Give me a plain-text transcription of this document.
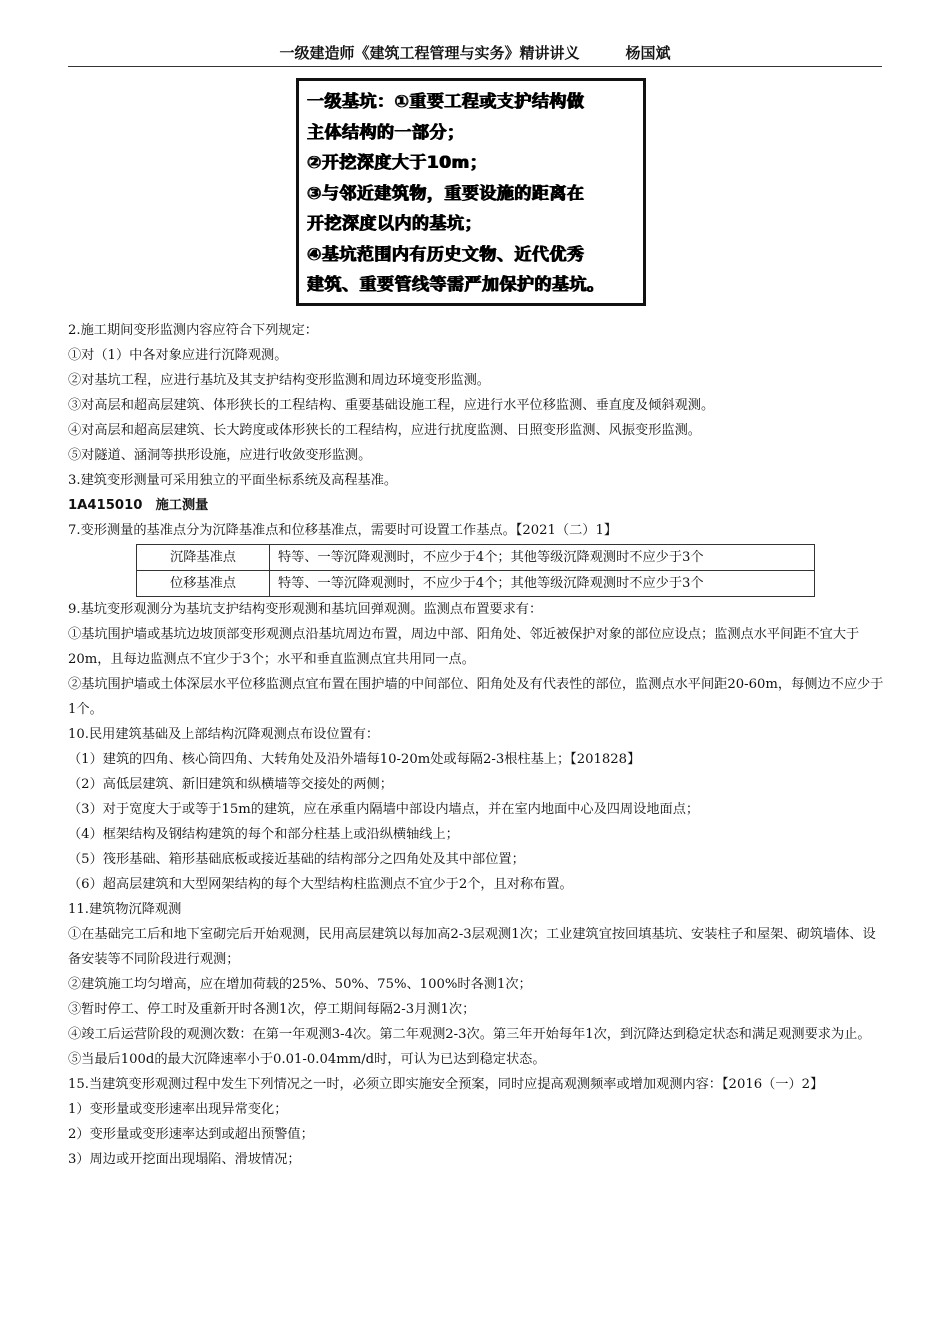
一级建造师《建筑工程管理与实务》精讲讲义	杨国斌
一级基坑：①重要工程或支护结构做
主体结构的一部分；
②开挖深度大于10m；
③与邻近建筑物，重要设施的距离在
开挖深度以内的基坑；
④基坑范围内有历史文物、近代优秀
建筑、重要管线等需严加保护的基坑。

2.施工期间变形监测内容应符合下列规定：

①对（1）中各对象应进行沉降观测。

②对基坑工程，应进行基坑及其支护结构变形监测和周边环境变形监测。

③对高层和超高层建筑、体形狭长的工程结构、重要基础设施工程，应进行水平位移监测、垂直度及倾斜观测。

④对高层和超高层建筑、长大跨度或体形狭长的工程结构，应进行扰度监测、日照变形监测、风振变形监测。

⑤对隧道、涵洞等拱形设施，应进行收敛变形监测。

3.建筑变形测量可采用独立的平面坐标系统及高程基准。

1A415010　施工测量

7.变形测量的基准点分为沉降基准点和位移基准点，需要时可设置工作基点。【2021（二）1】

沉降基准点	特等、一等沉降观测时，不应少于4个；其他等级沉降观测时不应少于3个
位移基准点	特等、一等沉降观测时，不应少于4个；其他等级沉降观测时不应少于3个

9.基坑变形观测分为基坑支护结构变形观测和基坑回弹观测。监测点布置要求有：

①基坑围护墙或基坑边坡顶部变形观测点沿基坑周边布置，周边中部、阳角处、邻近被保护对象的部位应设点；监测点水平间距不宜大于20m，且每边监测点不宜少于3个；水平和垂直监测点宜共用同一点。

②基坑围护墙或土体深层水平位移监测点宜布置在围护墙的中间部位、阳角处及有代表性的部位，监测点水平间距20-60m，每侧边不应少于1个。

10.民用建筑基础及上部结构沉降观测点布设位置有：

（1）建筑的四角、核心筒四角、大转角处及沿外墙每10-20m处或每隔2-3根柱基上；【201828】

（2）高低层建筑、新旧建筑和纵横墙等交接处的两侧；

（3）对于宽度大于或等于15m的建筑，应在承重内隔墙中部设内墙点，并在室内地面中心及四周设地面点；

（4）框架结构及钢结构建筑的每个和部分柱基上或沿纵横轴线上；

（5）筏形基础、箱形基础底板或接近基础的结构部分之四角处及其中部位置；

（6）超高层建筑和大型网架结构的每个大型结构柱监测点不宜少于2个，且对称布置。

11.建筑物沉降观测

①在基础完工后和地下室砌完后开始观测，民用高层建筑以每加高2-3层观测1次；工业建筑宜按回填基坑、安装柱子和屋架、砌筑墙体、设备安装等不同阶段进行观测；

②建筑施工均匀增高，应在增加荷载的25%、50%、75%、100%时各测1次；

③暂时停工、停工时及重新开时各测1次，停工期间每隔2-3月测1次；

④竣工后运营阶段的观测次数：在第一年观测3-4次。第二年观测2-3次。第三年开始每年1次，到沉降达到稳定状态和满足观测要求为止。

⑤当最后100d的最大沉降速率小于0.01-0.04mm/d时，可认为已达到稳定状态。

15.当建筑变形观测过程中发生下列情况之一时，必须立即实施安全预案，同时应提高观测频率或增加观测内容：【2016（一）2】

1）变形量或变形速率出现异常变化；

2）变形量或变形速率达到或超出预警值；

3）周边或开挖面出现塌陷、滑坡情况；
